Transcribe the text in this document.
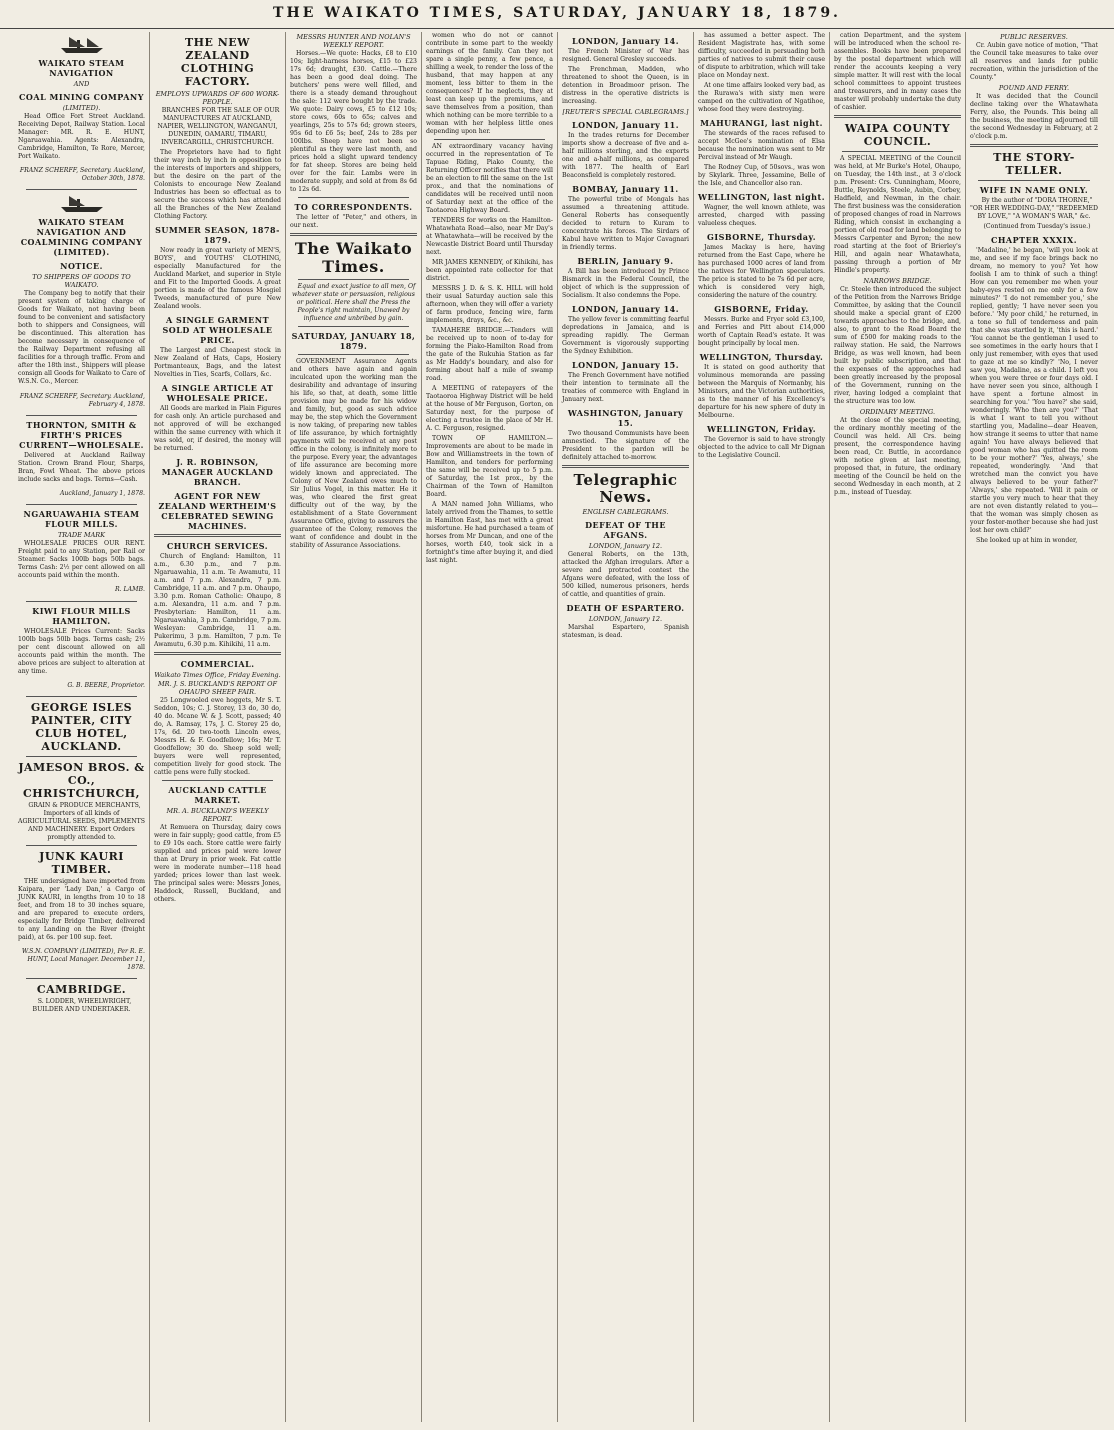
THE WAIKATO TIMES, SATURDAY, JANUARY 18, 1879.
WAIKATO STEAM NAVIGATION
AND
COAL MINING COMPANY
(LIMITED).

Head Office Fort Street Auckland. Receiving Depot, Railway Station. Local Manager: MR. R. E. HUNT, Ngaruawahia. Agents: Alexandra, Cambridge, Hamilton, Te Rore, Mercer, Port Waikato.

FRANZ SCHERFF, Secretary. Auckland, October 30th, 1878.

WAIKATO STEAM NAVIGATION AND COALMINING COMPANY (LIMITED).
NOTICE.
TO SHIPPERS OF GOODS TO WAIKATO.

The Company beg to notify that their present system of taking charge of Goods for Waikato, not having been found to be convenient and satisfactory both to shippers and Consignees, will be discontinued. This alteration has become necessary in consequence of the Railway Department refusing all facilities for a through traffic. From and after the 18th inst., Shippers will please consign all Goods for Waikato to Care of W.S.N. Co., Mercer.

FRANZ SCHERFF, Secretary. Auckland, February 4, 1878.

THORNTON, SMITH & FIRTH'S PRICES CURRENT—WHOLESALE.

Delivered at Auckland Railway Station. Crown Brand Flour, Sharps, Bran, Fowl Wheat. The above prices include sacks and bags. Terms—Cash.

Auckland, January 1, 1878.

NGARUAWAHIA STEAM FLOUR MILLS.
TRADE MARK

WHOLESALE PRICES OUR RENT. Freight paid to any Station, per Rail or Steamer. Sacks 100lb bags 50lb bags. Terms Cash: 2½ per cent allowed on all accounts paid within the month.

R. LAMB.

KIWI FLOUR MILLS HAMILTON.

WHOLESALE Prices Current: Sacks 100lb bags 50lb bags. Terms cash; 2½ per cent discount allowed on all accounts paid within the month. The above prices are subject to alteration at any time.

G. B. BEERE, Proprietor.

GEORGE ISLES PAINTER, CITY CLUB HOTEL, AUCKLAND.
JAMESON BROS. & CO., CHRISTCHURCH,

GRAIN & PRODUCE MERCHANTS, Importers of all kinds of AGRICULTURAL SEEDS, IMPLEMENTS AND MACHINERY. Export Orders promptly attended to.

JUNK KAURI TIMBER.

THE undersigned have imported from Kaipara, per 'Lady Dan,' a Cargo of JUNK KAURI, in lengths from 10 to 18 feet, and from 18 to 30 inches square, and are prepared to execute orders, especially for Bridge Timber, delivered to any Landing on the River (freight paid), at 6s. per 100 sup. feet.

W.S.N. COMPANY (LIMITED), Per R. E. HUNT, Local Manager. December 11, 1878.

CAMBRIDGE.

S. LODDER, WHEELWRIGHT, BUILDER AND UNDERTAKER.

THE NEW ZEALAND CLOTHING FACTORY.
EMPLOYS UPWARDS OF 600 WORK-PEOPLE.

BRANCHES FOR THE SALE OF OUR MANUFACTURES AT AUCKLAND, NAPIER, WELLINGTON, WANGANUI, DUNEDIN, OAMARU, TIMARU, INVERCARGILL, CHRISTCHURCH.

The Proprietors have had to fight their way inch by inch in opposition to the interests of importers and shippers, but the desire on the part of the Colonists to encourage New Zealand Industries has been so effectual as to secure the success which has attended all the Branches of the New Zealand Clothing Factory.

SUMMER SEASON, 1878-1879.

Now ready in great variety of MEN'S, BOYS', and YOUTHS' CLOTHING, especially Manufactured for the Auckland Market, and superior in Style and Fit to the Imported Goods. A great portion is made of the famous Mosgiel Tweeds, manufactured of pure New Zealand wools.

A SINGLE GARMENT SOLD AT WHOLESALE PRICE.

The Largest and Cheapest stock in New Zealand of Hats, Caps, Hosiery Portmanteaux, Bags, and the latest Novelties in Ties, Scarfs, Collars, &c.

A SINGLE ARTICLE AT WHOLESALE PRICE.

All Goods are marked in Plain Figures for cash only. An article purchased and not approved of will be exchanged within the same currency with which it was sold, or, if desired, the money will be returned.

J. R. ROBINSON, MANAGER AUCKLAND BRANCH.
AGENT FOR NEW ZEALAND WERTHEIM'S CELEBRATED SEWING MACHINES.
CHURCH SERVICES.

Church of England: Hamilton, 11 a.m., 6.30 p.m., and 7 p.m. Ngaruawahia, 11 a.m. Te Awamutu, 11 a.m. and 7 p.m. Alexandra, 7 p.m. Cambridge, 11 a.m. and 7 p.m. Ohaupo, 3.30 p.m. Roman Catholic: Ohaupo, 8 a.m. Alexandra, 11 a.m. and 7 p.m. Presbyterian: Hamilton, 11 a.m. Ngaruawahia, 3 p.m. Cambridge, 7 p.m. Wesleyan: Cambridge, 11 a.m. Pukerimu, 3 p.m. Hamilton, 7 p.m. Te Awamutu, 6.30 p.m. Kihikihi, 11 a.m.

COMMERCIAL.
Waikato Times Office, Friday Evening.
MR. J. S. BUCKLAND'S REPORT OF OHAUPO SHEEP FAIR.

25 Longwooled ewe hoggets, Mr S. T. Seddon, 10s; C. J. Storey, 13 do, 30 do, 40 do. Mcane W. & J. Scott, passed; 40 do, A. Ramsay, 17s, J. C. Storey 25 do, 17s, 6d. 20 two-tooth Lincoln ewes, Messrs H. & F. Goodfellow; 16s; Mr T. Goodfellow; 30 do. Sheep sold well; buyers were well represented, competition lively for good stock. The cattle pens were fully stocked.

AUCKLAND CATTLE MARKET.
MR. A. BUCKLAND'S WEEKLY REPORT.

At Remuera on Thursday, dairy cows were in fair supply; good cattle, from £5 to £9 10s each. Store cattle were fairly supplied and prices paid were lower than at Drury in prior week. Fat cattle were in moderate number—118 head yarded; prices lower than last week. The principal sales were: Messrs Jones, Haddock, Russell, Buckland, and others.

MESSRS HUNTER AND NOLAN'S WEEKLY REPORT.

Horses.—We quote: Hacks, £8 to £10 10s; light-harness horses, £15 to £23 17s 6d; draught, £30. Cattle.—There has been a good deal doing. The butchers' pens were well filled, and there is a steady demand throughout the sale: 112 were bought by the trade. We quote: Dairy cows, £5 to £12 10s; store cows, 60s to 65s; calves and yearlings, 25s to 57s 6d; grown steers, 95s 6d to £6 5s; beef, 24s to 28s per 100lbs. Sheep have not been so plentiful as they were last month, and prices hold a slight upward tendency for fat sheep. Stores are being held over for the fair. Lambs were in moderate supply, and sold at from 8s 6d to 12s 6d.

TO CORRESPONDENTS.

The letter of "Peter," and others, in our next.

The Waikato Times.

Equal and exact justice to all men, Of whatever state or persuasion, religious or political. Here shall the Press the People's right maintain, Unawed by influence and unbribed by gain.

SATURDAY, JANUARY 18, 1879.

GOVERNMENT Assurance Agents and others have again and again inculcated upon the working man the desirability and advantage of insuring his life, so that, at death, some little provision may be made for his widow and family, but, good as such advice may be, the step which the Government is now taking, of preparing new tables of life assurance, by which fortnightly payments will be received at any post office in the colony, is infinitely more to the purpose. Every year, the advantages of life assurance are becoming more widely known and appreciated. The Colony of New Zealand owes much to Sir Julius Vogel, in this matter. He it was, who cleared the first great difficulty out of the way, by the establishment of a State Government Assurance Office, giving to assurers the guarantee of the Colony, removes the want of confidence and doubt in the stability of Assurance Associations.

women who do not or cannot contribute in some part to the weekly earnings of the family. Can they not spare a single penny, a few pence, a shilling a week, to render the loss of the husband, that may happen at any moment, less bitter to them in the consequences? If he neglects, they at least can keep up the premiums, and save themselves from a position, than which nothing can be more terrible to a woman with her helpless little ones depending upon her.

AN extraordinary vacancy having occurred in the representation of Te Tapuae Riding, Piako County, the Returning Officer notifies that there will be an election to fill the same on the 1st prox., and that the nominations of candidates will be received until noon of Saturday next at the office of the Taotaoroa Highway Board.

TENDERS for works on the Hamilton-Whatawhata Road—also, near Mr Day's at Whatawhata—will be received by the Newcastle District Board until Thursday next.

MR JAMES KENNEDY, of Kihikihi, has been appointed rate collector for that district.

MESSRS J. D. & S. K. HILL will hold their usual Saturday auction sale this afternoon, when they will offer a variety of farm produce, fencing wire, farm implements, drays, &c., &c.

TAMAHERE BRIDGE.—Tenders will be received up to noon of to-day for forming the Piako-Hamilton Road from the gate of the Rukuhia Station as far as Mr Haddy's boundary, and also for forming about half a mile of swamp road.

A MEETING of ratepayers of the Taotaoroa Highway District will be held at the house of Mr Ferguson, Gorton, on Saturday next, for the purpose of electing a trustee in the place of Mr H. A. C. Ferguson, resigned.

TOWN OF HAMILTON.—Improvements are about to be made in Bow and Williamstreets in the town of Hamilton, and tenders for performing the same will be received up to 5 p.m. of Saturday, the 1st prox., by the Chairman of the Town of Hamilton Board.

A MAN named John Williams, who lately arrived from the Thames, to settle in Hamilton East, has met with a great misfortune. He had purchased a team of horses from Mr Duncan, and one of the horses, worth £40, took sick in a fortnight's time after buying it, and died last night.

LONDON, January 14.

The French Minister of War has resigned. General Gresley succeeds.

The Frenchman, Madden, who threatened to shoot the Queen, is in detention in Broadmoor prison. The distress in the operative districts is increasing.

[REUTER'S SPECIAL CABLEGRAMS.]
LONDON, January 11.

In the trades returns for December imports show a decrease of five and a-half millions sterling, and the exports one and a-half millions, as compared with 1877. The health of Earl Beaconsfield is completely restored.

BOMBAY, January 11.

The powerful tribe of Mongals has assumed a threatening attitude. General Roberts has consequently decided to return to Kuram to concentrate his forces. The Sirdars of Kabul have written to Major Cavagnari in friendly terms.

BERLIN, January 9.

A Bill has been introduced by Prince Bismarck in the Federal Council, the object of which is the suppression of Socialism. It also condemns the Pope.

LONDON, January 14.

The yellow fever is committing fearful depredations in Jamaica, and is spreading rapidly. The German Government is vigorously supporting the Sydney Exhibition.

LONDON, January 15.

The French Government have notified their intention to terminate all the treaties of commerce with England in January next.

WASHINGTON, January 15.

Two thousand Communists have been amnestied. The signature of the President to the pardon will be definitely attached to-morrow.

Telegraphic News.
ENGLISH CABLEGRAMS.
DEFEAT OF THE AFGANS.
LONDON, January 12.

General Roberts, on the 13th, attacked the Afghan irregulars. After a severe and protracted contest the Afgans were defeated, with the loss of 500 killed, numerous prisoners, herds of cattle, and quantities of grain.

DEATH OF ESPARTERO.
LONDON, January 12.

Marshal Espartero, Spanish statesman, is dead.

has assumed a better aspect. The Resident Magistrate has, with some difficulty, succeeded in persuading both parties of natives to submit their cause of dispute to arbitration, which will take place on Monday next.

At one time affairs looked very bad, as the Rurawa's with sixty men were camped on the cultivation of Ngatihoe, whose food they were destroying.

MAHURANGI, last night.

The stewards of the races refused to accept McGee's nomination of Elsa because the nomination was sent to Mr Percival instead of Mr Waugh.

The Rodney Cup, of 50sovs., was won by Skylark. Three, Jessamine, Belle of the Isle, and Chancellor also ran.

WELLINGTON, last night.

Wagner, the well known athlete, was arrested, charged with passing valueless cheques.

GISBORNE, Thursday.

James Mackay is here, having returned from the East Cape, where he has purchased 1000 acres of land from the natives for Wellington speculators. The price is stated to be 7s 6d per acre, which is considered very high, considering the nature of the country.

GISBORNE, Friday.

Messrs. Burke and Fryer sold £3,100, and Ferries and Pitt about £14,000 worth of Captain Read's estate. It was bought principally by local men.

WELLINGTON, Thursday.

It is stated on good authority that voluminous memoranda are passing between the Marquis of Normanby, his Ministers, and the Victorian authorities, as to the manner of his Excellency's departure for his new sphere of duty in Melbourne.

WELLINGTON, Friday.

The Governor is said to have strongly objected to the advice to call Mr Dignan to the Legislative Council.

cation Department, and the system will be introduced when the school re-assembles. Books have been prepared by the postal department which will render the accounts keeping a very simple matter. It will rest with the local school committees to appoint trustees and treasurers, and in many cases the master will probably undertake the duty of cashier.

WAIPA COUNTY COUNCIL.

A SPECIAL MEETING of the Council was held, at Mr Burke's Hotel, Ohaupo, on Tuesday, the 14th inst., at 3 o'clock p.m. Present: Crs. Cunningham, Moore, Buttle, Reynolds, Steele, Aubin, Corbey, Hadfield, and Newman, in the chair. The first business was the consideration of proposed changes of road in Narrows Riding, which consist in exchanging a portion of old road for land belonging to Messrs Carpenter and Byron; the new road starting at the foot of Brierley's Hill, and again near Whatawhata, passing through a portion of Mr Hindle's property.

NARROWS BRIDGE.

Cr. Steele then introduced the subject of the Petition from the Narrows Bridge Committee, by asking that the Council should make a special grant of £200 towards approaches to the bridge, and, also, to grant to the Road Board the sum of £500 for making roads to the railway station. He said, the Narrows Bridge, as was well known, had been built by public subscription, and that the expenses of the approaches had been greatly increased by the proposal of the Government, running on the river, having lodged a complaint that the structure was too low.

ORDINARY MEETING.

At the close of the special meeting, the ordinary monthly meeting of the Council was held. All Crs. being present, the correspondence having been read, Cr. Buttle, in accordance with notice given at last meeting, proposed that, in future, the ordinary meeting of the Council be held on the second Wednesday in each month, at 2 p.m., instead of Tuesday.

PUBLIC RESERVES.

Cr. Aubin gave notice of motion, "That the Council take measures to take over all reserves and lands for public recreation, within the jurisdiction of the County."

POUND AND FERRY.

It was decided that the Council decline taking over the Whatawhata Ferry, also, the Pounds. This being all the business, the meeting adjourned till the second Wednesday in February, at 2 o'clock p.m.

THE STORY-TELLER.
WIFE IN NAME ONLY.

By the author of "DORA THORNE," "OR HER WEDDING-DAY," "REDEEMED BY LOVE," "A WOMAN'S WAR," &c.

(Continued from Tuesday's issue.)

CHAPTER XXXIX.

'Madaline,' he began, 'will you look at me, and see if my face brings back no dream, no memory to you? Yet how foolish I am to think of such a thing! How can you remember me when your baby-eyes rested on me only for a few minutes?' 'I do not remember you,' she replied, gently; 'I have never seen you before.' 'My poor child,' he returned, in a tone so full of tenderness and pain that she was startled by it, 'this is hard.' 'You cannot be the gentleman I used to see sometimes in the early hours that I only just remember, with eyes that used to gaze at me so kindly?' 'No, I never saw you, Madaline, as a child. I left you when you were three or four days old. I have never seen you since, although I have spent a fortune almost in searching for you.' 'You have?' she said, wonderingly. 'Who then are you?' 'That is what I want to tell you without startling you, Madaline—dear Heaven, how strange it seems to utter that name again! You have always believed that good woman who has quitted the room to be your mother?' 'Yes, always,' she repeated, wonderingly. 'And that wretched man the convict you have always believed to be your father?' 'Always,' she repeated. 'Will it pain or startle you very much to hear that they are not even distantly related to you—that the woman was simply chosen as your foster-mother because she had just lost her own child?'

She looked up at him in wonder,
